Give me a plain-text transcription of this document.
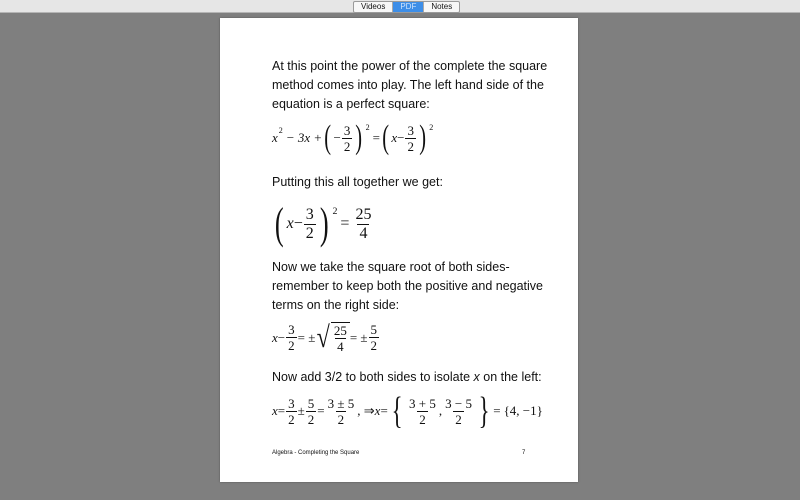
Videos	PDF	Notes
At this point the power of the complete the square method comes into play. The left hand side of the equation is a perfect square:
x 2 − 3x + ( − $\frac{3}{2}$ ) 2
= ( $x - \frac{3}{2}$ ) 2
Putting this all together we get:
( $x - \frac{3}{2}$ ) 2
= $\frac{25}{4}$
Now we take the square root of both sides- remember to keep both the positive and negative terms on the right side:
$x - \frac{3}{2}$ = ± √ $\frac{25}{4}$ = ± $\frac{5}{2}$
Now add 3/2 to both sides to isolate x on the left:
$x = \frac{3}{2} \pm \frac{5}{2} = \frac{3 \pm 5}{2}$ , ⇒ x = { $\frac{3 + 5}{2}$ , $\frac{3 - 5}{2}$ } = {4, −1}
Algebra - Completing the Square	7
